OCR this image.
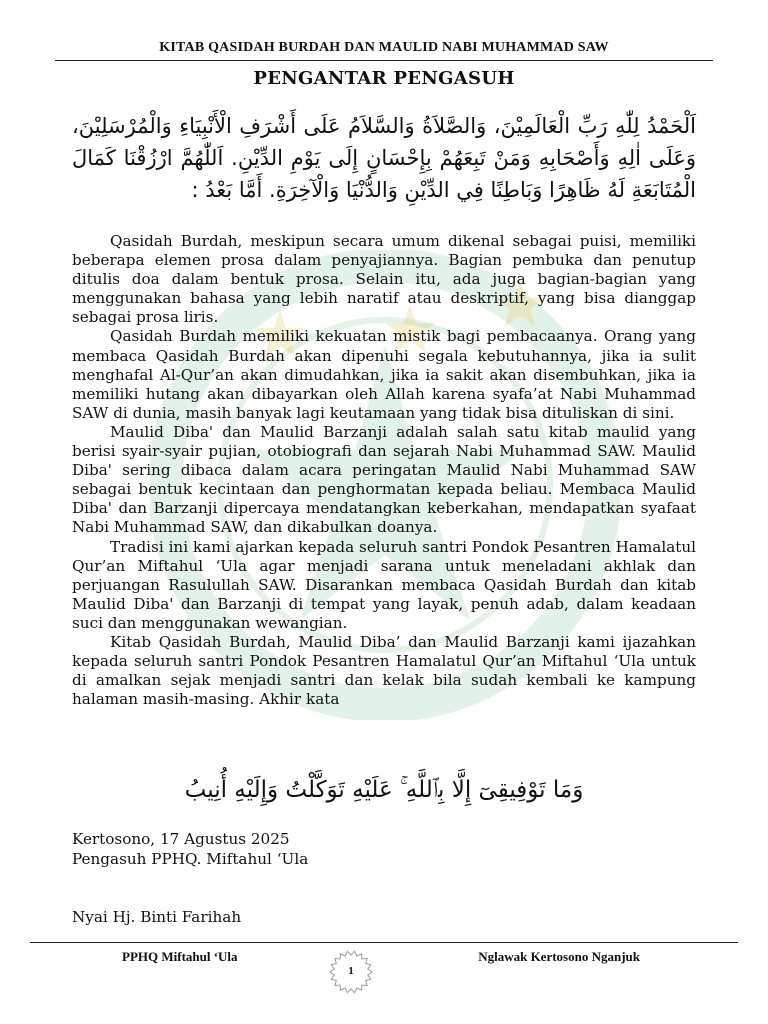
KITAB QASIDAH BURDAH DAN MAULID NABI MUHAMMAD SAW
PENGANTAR PENGASUH
اَلْحَمْدُ لِلّٰهِ رَبِّ الْعَالَمِيْنَ، وَالصَّلاَةُ وَالسَّلاَمُ عَلَى أَشْرَفِ الْأَنْبِيَاءِ وَالْمُرْسَلِيْنَ، وَعَلَى اٰلِهِ وَأَصْحَابِهِ وَمَنْ تَبِعَهُمْ بِإِحْسَانٍ إِلَى يَوْمِ الدِّيْنِ. اَللّٰهُمَّ ارْزُقْنَا كَمَالَ الْمُتَابَعَةِ لَهُ ظَاهِرًا وَبَاطِنًا فِي الدِّيْنِ وَالدُّنْيَا وَالْآخِرَةِ. أَمَّا بَعْدُ :

Qasidah Burdah, meskipun secara umum dikenal sebagai puisi, memiliki beberapa elemen prosa dalam penyajiannya. Bagian pembuka dan penutup ditulis doa dalam bentuk prosa. Selain itu, ada juga bagian-bagian yang menggunakan bahasa yang lebih naratif atau deskriptif, yang bisa dianggap sebagai prosa liris.

Qasidah Burdah memiliki kekuatan mistik bagi pembacaanya. Orang yang membaca Qasidah Burdah akan dipenuhi segala kebutuhannya, jika ia sulit menghafal Al-Qur’an akan dimudahkan, jika ia sakit akan disembuhkan, jika ia memiliki hutang akan dibayarkan oleh Allah karena syafa’at Nabi Muhammad SAW di dunia, masih banyak lagi keutamaan yang tidak bisa dituliskan di sini.

Maulid Diba' dan Maulid Barzanji adalah salah satu kitab maulid yang berisi syair-syair pujian, otobiografi dan sejarah Nabi Muhammad SAW. Maulid Diba' sering dibaca dalam acara peringatan Maulid Nabi Muhammad SAW sebagai bentuk kecintaan dan penghormatan kepada beliau. Membaca Maulid Diba' dan Barzanji dipercaya mendatangkan keberkahan, mendapatkan syafaat Nabi Muhammad SAW, dan dikabulkan doanya.

Tradisi ini kami ajarkan kepada seluruh santri Pondok Pesantren Hamalatul Qur’an Miftahul ‘Ula agar menjadi sarana untuk meneladani akhlak dan perjuangan Rasulullah SAW. Disarankan membaca Qasidah Burdah dan kitab Maulid Diba' dan Barzanji di tempat yang layak, penuh adab, dalam keadaan suci dan menggunakan wewangian.

Kitab Qasidah Burdah, Maulid Diba’ dan Maulid Barzanji kami ijazahkan kepada seluruh santri Pondok Pesantren Hamalatul Qur’an Miftahul ‘Ula untuk di amalkan sejak menjadi santri dan kelak bila sudah kembali ke kampung halaman masih-masing. Akhir kata

وَمَا تَوْفِيقِىٓ إِلَّا بِٱللَّهِ ۚ عَلَيْهِ تَوَكَّلْتُ وَإِلَيْهِ أُنِيبُ
Kertosono, 17 Agustus 2025
Pengasuh PPHQ. Miftahul ‘Ula
Nyai Hj. Binti Farihah
PPHQ Miftahul ‘Ula	Nglawak Kertosono Nganjuk
1
